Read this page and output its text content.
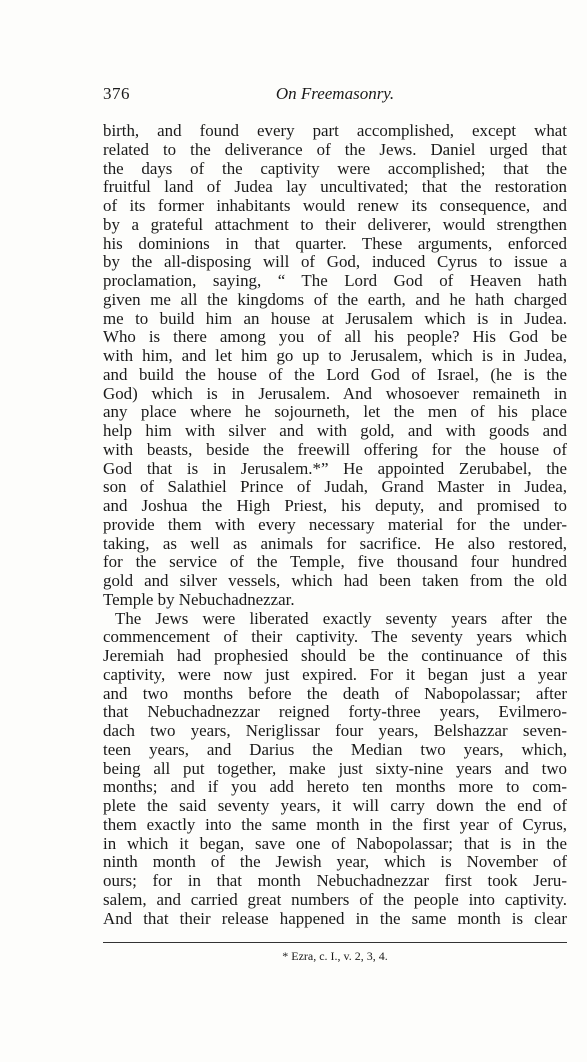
376	On Freemasonry.
birth, and found every part accomplished, except what
related to the deliverance of the Jews. Daniel urged that
the days of the captivity were accomplished; that the
fruitful land of Judea lay uncultivated; that the restoration
of its former inhabitants would renew its consequence, and
by a grateful attachment to their deliverer, would strengthen
his dominions in that quarter. These arguments, enforced
by the all-disposing will of God, induced Cyrus to issue a
proclamation, saying, “ The Lord God of Heaven hath
given me all the kingdoms of the earth, and he hath charged
me to build him an house at Jerusalem which is in Judea.
Who is there among you of all his people? His God be
with him, and let him go up to Jerusalem, which is in Judea,
and build the house of the Lord God of Israel, (he is the
God) which is in Jerusalem. And whosoever remaineth in
any place where he sojourneth, let the men of his place
help him with silver and with gold, and with goods and
with beasts, beside the freewill offering for the house of
God that is in Jerusalem.*” He appointed Zerubabel, the
son of Salathiel Prince of Judah, Grand Master in Judea,
and Joshua the High Priest, his deputy, and promised to
provide them with every necessary material for the under-
taking, as well as animals for sacrifice. He also restored,
for the service of the Temple, five thousand four hundred
gold and silver vessels, which had been taken from the old
Temple by Nebuchadnezzar.
The Jews were liberated exactly seventy years after the
commencement of their captivity. The seventy years which
Jeremiah had prophesied should be the continuance of this
captivity, were now just expired. For it began just a year
and two months before the death of Nabopolassar; after
that Nebuchadnezzar reigned forty-three years, Evilmero-
dach two years, Neriglissar four years, Belshazzar seven-
teen years, and Darius the Median two years, which,
being all put together, make just sixty-nine years and two
months; and if you add hereto ten months more to com-
plete the said seventy years, it will carry down the end of
them exactly into the same month in the first year of Cyrus,
in which it began, save one of Nabopolassar; that is in the
ninth month of the Jewish year, which is November of
ours; for in that month Nebuchadnezzar first took Jeru-
salem, and carried great numbers of the people into captivity.
And that their release happened in the same month is clear
* Ezra, c. I., v. 2, 3, 4.
